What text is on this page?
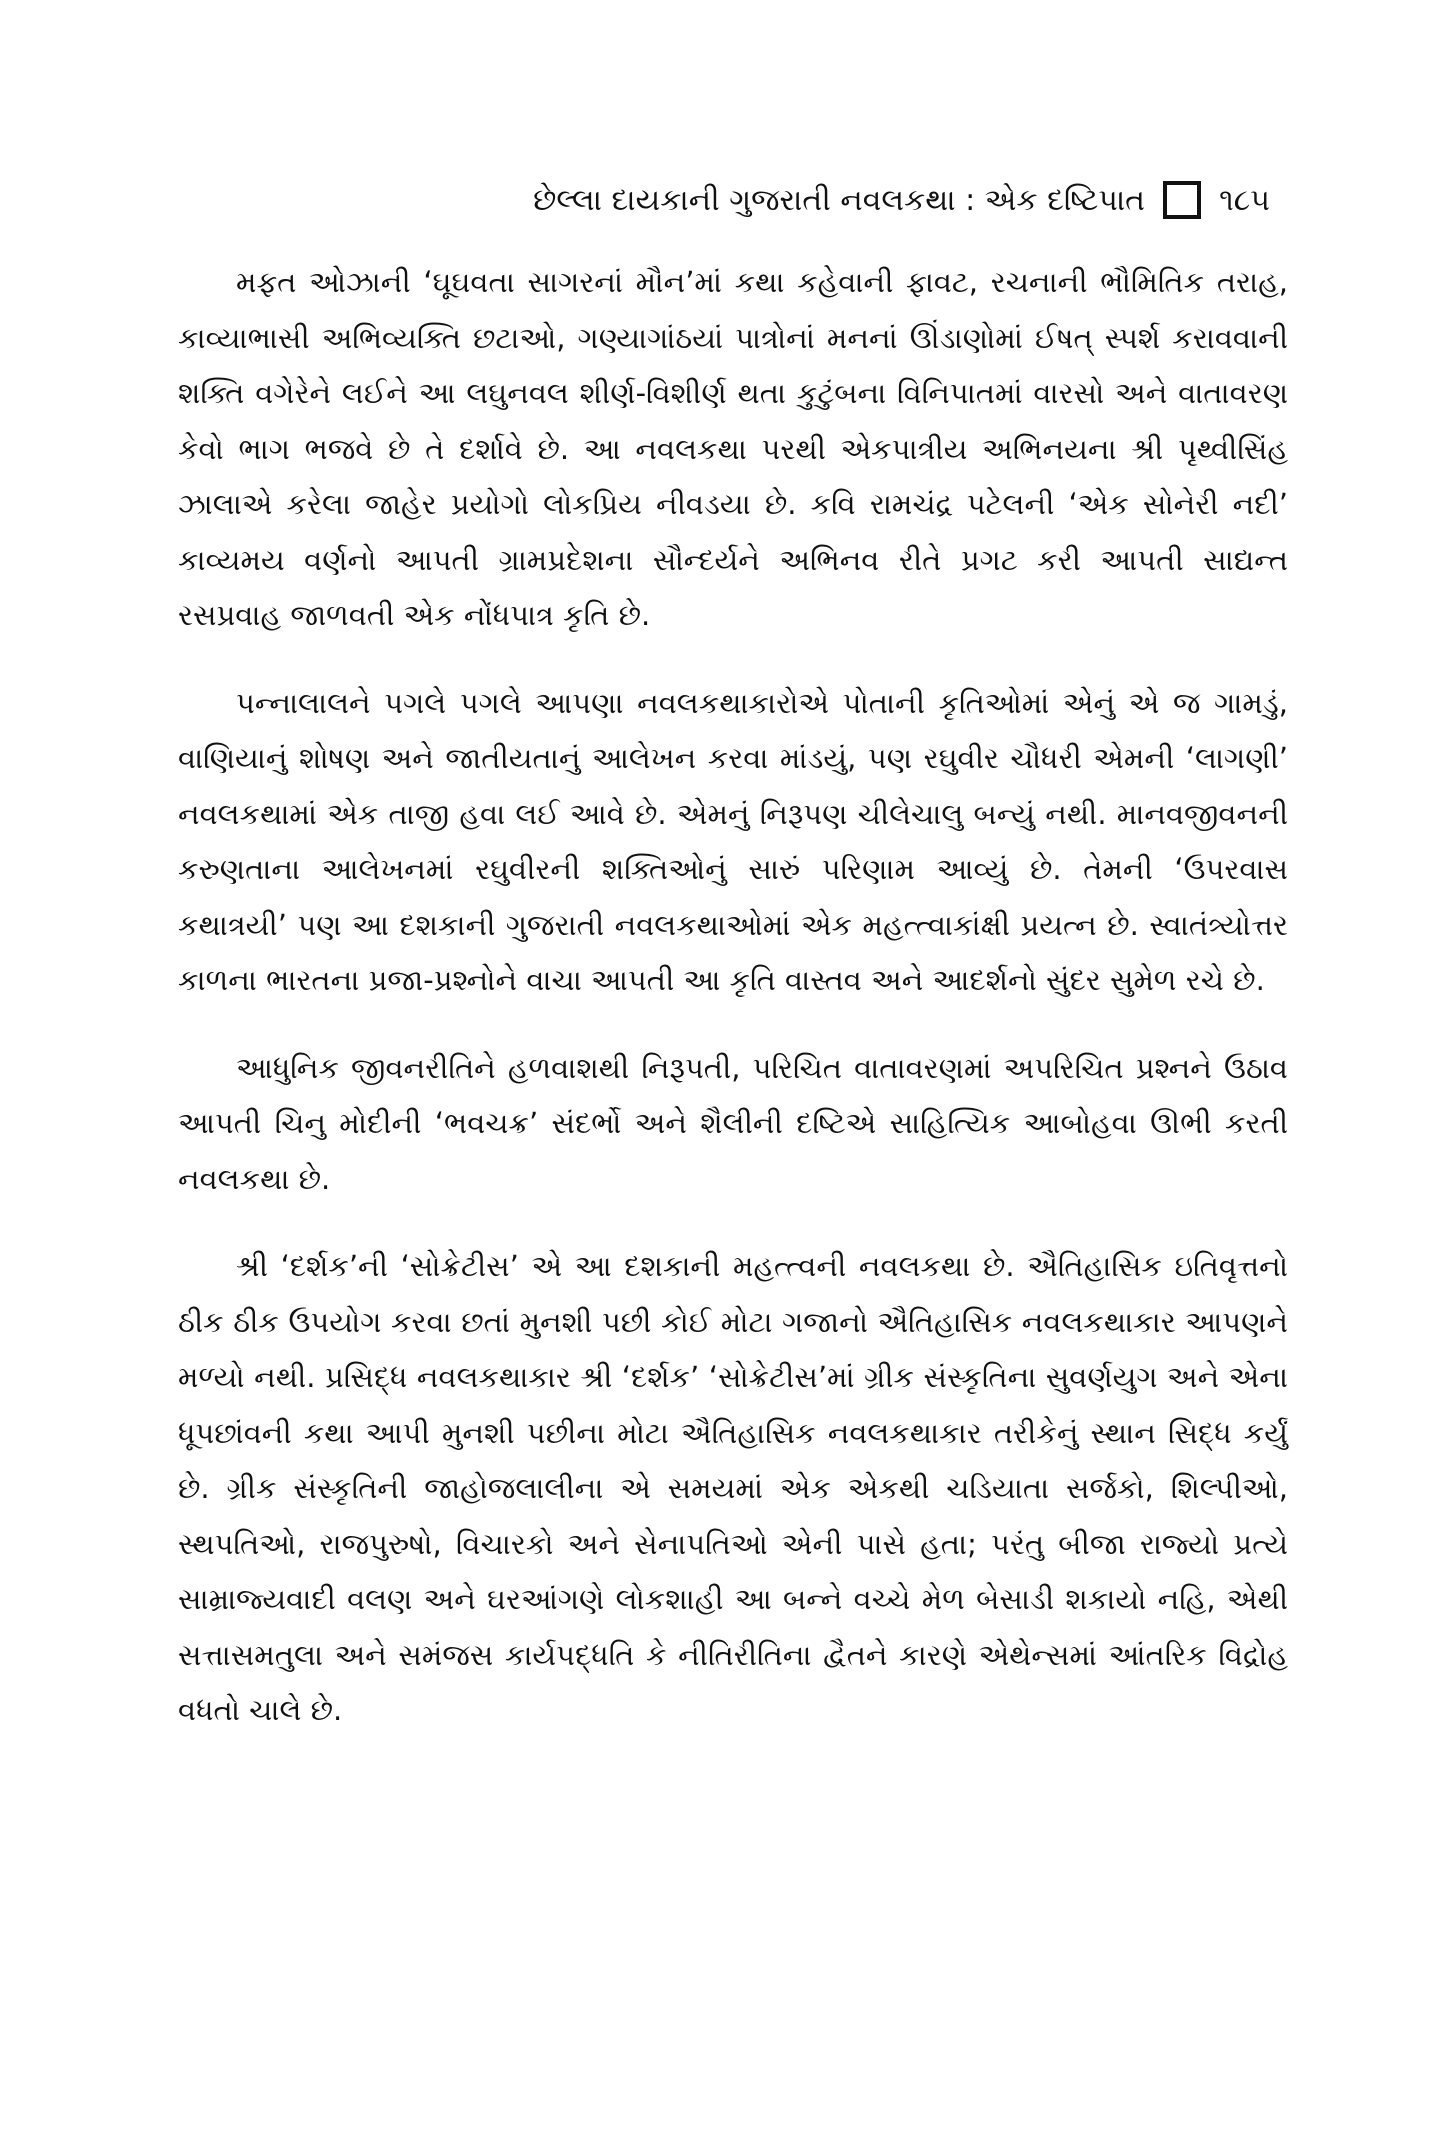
છેલ્લા દાયકાની ગુજરાતી નવલકથા : એક દષ્ટિપાત ૧૮૫

મફત ઓઝાની ‘ઘૂઘવતા સાગરનાં મૌન’માં કથા કહેવાની ફાવટ, રચનાની ભૌમિતિક તરાહ, કાવ્યાભાસી અભિવ્યક્તિ છટાઓ, ગણ્યાગાંઠયાં પાત્રોનાં મનનાં ઊંડાણોમાં ઈષત્ સ્પર્શ કરાવવાની શક્તિ વગેરેને લઈને આ લઘુનવલ શીર્ણ-વિશીર્ણ થતા કુટુંબના વિનિપાતમાં વારસો અને વાતાવરણ કેવો ભાગ ભજવે છે તે દર્શાવે છે. આ નવલકથા પરથી એકપાત્રીય અભિનયના શ્રી પૃથ્વીસિંહ ઝાલાએ કરેલા જાહેર પ્રયોગો લોકપ્રિય નીવડયા છે. કવિ રામચંદ્ર પટેલની ‘એક સોનેરી નદી’ કાવ્યમય વર્ણનો આપતી ગ્રામપ્રદેશના સૌન્દર્યને અભિનવ રીતે પ્રગટ કરી આપતી સાદ્યન્ત રસપ્રવાહ જાળવતી એક નોંધપાત્ર કૃતિ છે.

પન્નાલાલને પગલે પગલે આપણા નવલકથાકારોએ પોતાની કૃતિઓમાં એનું એ જ ગામડું, વાણિયાનું શોષણ અને જાતીયતાનું આલેખન કરવા માંડયું, પણ રઘુવીર ચૌધરી એમની ‘લાગણી’ નવલકથામાં એક તાજી હવા લઈ આવે છે. એમનું નિરૂપણ ચીલેચાલુ બન્યું નથી. માનવજીવનની કરુણતાના આલેખનમાં રઘુવીરની શક્તિઓનું સારું પરિણામ આવ્યું છે. તેમની ‘ઉપરવાસ કથાત્રયી’ પણ આ દશકાની ગુજરાતી નવલકથાઓમાં એક મહત્ત્વાકાંક્ષી પ્રયત્ન છે. સ્વાતંત્ર્યોત્તર કાળના ભારતના પ્રજા-પ્રશ્નોને વાચા આપતી આ કૃતિ વાસ્તવ અને આદર્શનો સુંદર સુમેળ રચે છે.

આધુનિક જીવનરીતિને હળવાશથી નિરૂપતી, પરિચિત વાતાવરણમાં અપરિચિત પ્રશ્નને ઉઠાવ આપતી ચિનુ મોદીની ‘ભવચક્ર’ સંદર્ભો અને શૈલીની દષ્ટિએ સાહિત્યિક આબોહવા ઊભી કરતી નવલકથા છે.

શ્રી ‘દર્શક’ની ‘સોક્રેટીસ’ એ આ દશકાની મહત્ત્વની નવલકથા છે. ઐતિહાસિક ઇતિવૃત્તનો ઠીક ઠીક ઉપયોગ કરવા છતાં મુનશી પછી કોઈ મોટા ગજાનો ઐતિહાસિક નવલકથાકાર આપણને મળ્યો નથી. પ્રસિદ્ધ નવલકથાકાર શ્રી ‘દર્શક’ ‘સોક્રેટીસ’માં ગ્રીક સંસ્કૃતિના સુવર્ણયુગ અને એના ધૂપછાંવની કથા આપી મુનશી પછીના મોટા ઐતિહાસિક નવલકથાકાર તરીકેનું સ્થાન સિદ્ધ કર્યું છે. ગ્રીક સંસ્કૃતિની જાહોજલાલીના એ સમયમાં એક એકથી ચડિયાતા સર્જકો, શિલ્પીઓ, સ્થપતિઓ, રાજપુરુષો, વિચારકો અને સેનાપતિઓ એની પાસે હતા; પરંતુ બીજા રાજ્યો પ્રત્યે સામ્રાજ્યવાદી વલણ અને ઘરઆંગણે લોકશાહી આ બન્ને વચ્ચે મેળ બેસાડી શકાયો નહિ, એથી સત્તાસમતુલા અને સમંજસ કાર્યપદ્ધતિ કે નીતિરીતિના દ્વૈતને કારણે એથેન્સમાં આંતરિક વિદ્રોહ વધતો ચાલે છે.
